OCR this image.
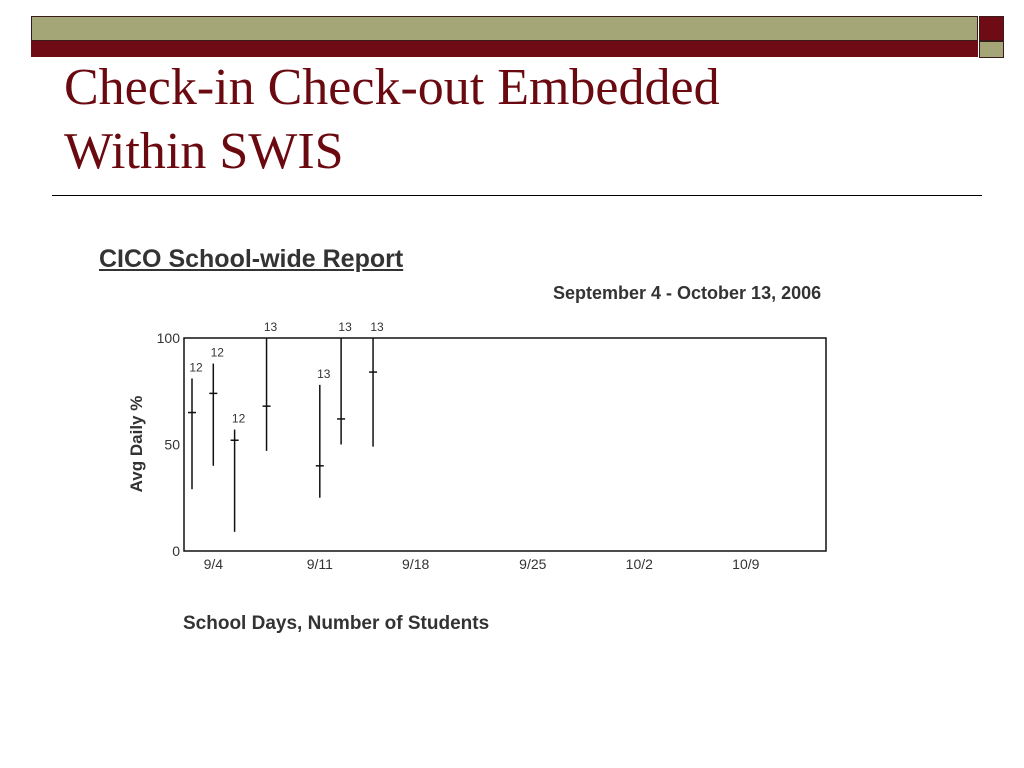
Check-in Check-out Embedded
Within SWIS
CICO School-wide Report
September 4 - October 13, 2006
0
50
100
9/4	9/11	9/18	9/25	10/2	10/9
12
12
12
13
13
13 13
Avg Daily %
School Days, Number of Students
